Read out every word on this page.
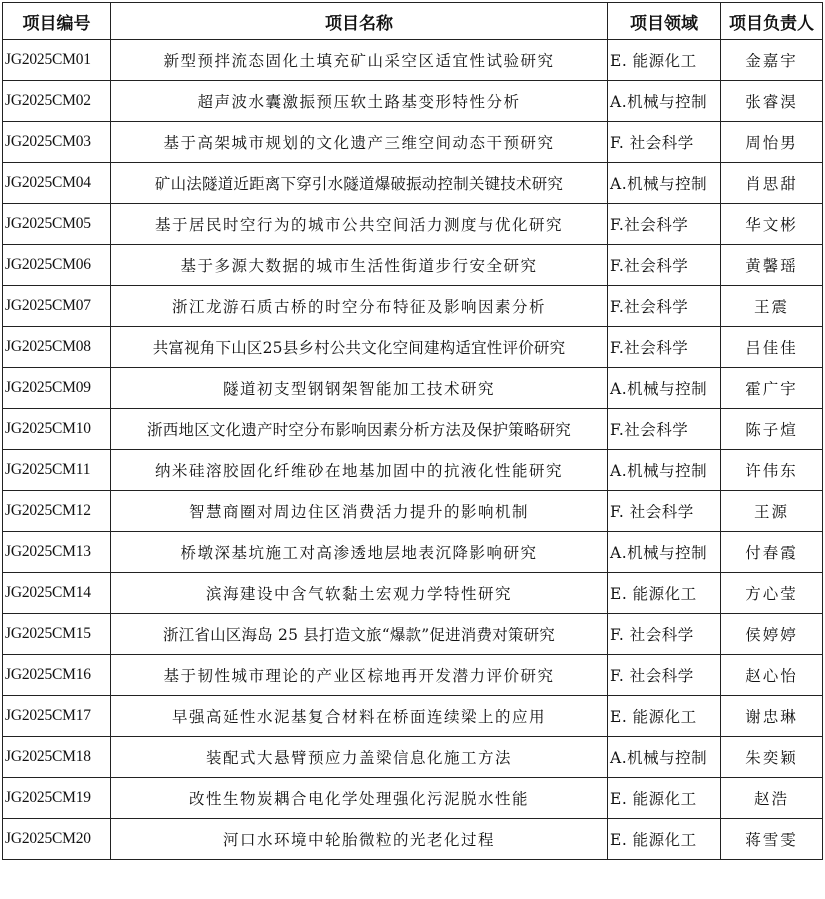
项目编号	项目名称	项目领域	项目负责人
JG2025CM01	新型预拌流态固化土填充矿山采空区适宜性试验研究	E. 能源化工	金嘉宇
JG2025CM02	超声波水囊激振预压软土路基变形特性分析	A.机械与控制	张睿淏
JG2025CM03	基于高架城市规划的文化遗产三维空间动态干预研究	F. 社会科学	周怡男
JG2025CM04	矿山法隧道近距离下穿引水隧道爆破振动控制关键技术研究	A.机械与控制	肖思甜
JG2025CM05	基于居民时空行为的城市公共空间活力测度与优化研究	F.社会科学	华文彬
JG2025CM06	基于多源大数据的城市生活性街道步行安全研究	F.社会科学	黄馨瑶
JG2025CM07	浙江龙游石质古桥的时空分布特征及影响因素分析	F.社会科学	王震
JG2025CM08	共富视角下山区25县乡村公共文化空间建构适宜性评价研究	F.社会科学	吕佳佳
JG2025CM09	隧道初支型钢钢架智能加工技术研究	A.机械与控制	霍广宇
JG2025CM10	浙西地区文化遗产时空分布影响因素分析方法及保护策略研究	F.社会科学	陈子煊
JG2025CM11	纳米硅溶胶固化纤维砂在地基加固中的抗液化性能研究	A.机械与控制	许伟东
JG2025CM12	智慧商圈对周边住区消费活力提升的影响机制	F. 社会科学	王源
JG2025CM13	桥墩深基坑施工对高渗透地层地表沉降影响研究	A.机械与控制	付春霞
JG2025CM14	滨海建设中含气软黏土宏观力学特性研究	E. 能源化工	方心莹
JG2025CM15	浙江省山区海岛 25 县打造文旅“爆款”促进消费对策研究	F. 社会科学	侯婷婷
JG2025CM16	基于韧性城市理论的产业区棕地再开发潜力评价研究	F. 社会科学	赵心怡
JG2025CM17	早强高延性水泥基复合材料在桥面连续梁上的应用	E. 能源化工	谢忠琳
JG2025CM18	装配式大悬臂预应力盖梁信息化施工方法	A.机械与控制	朱奕颖
JG2025CM19	改性生物炭耦合电化学处理强化污泥脱水性能	E. 能源化工	赵浩
JG2025CM20	河口水环境中轮胎微粒的光老化过程	E. 能源化工	蒋雪雯
